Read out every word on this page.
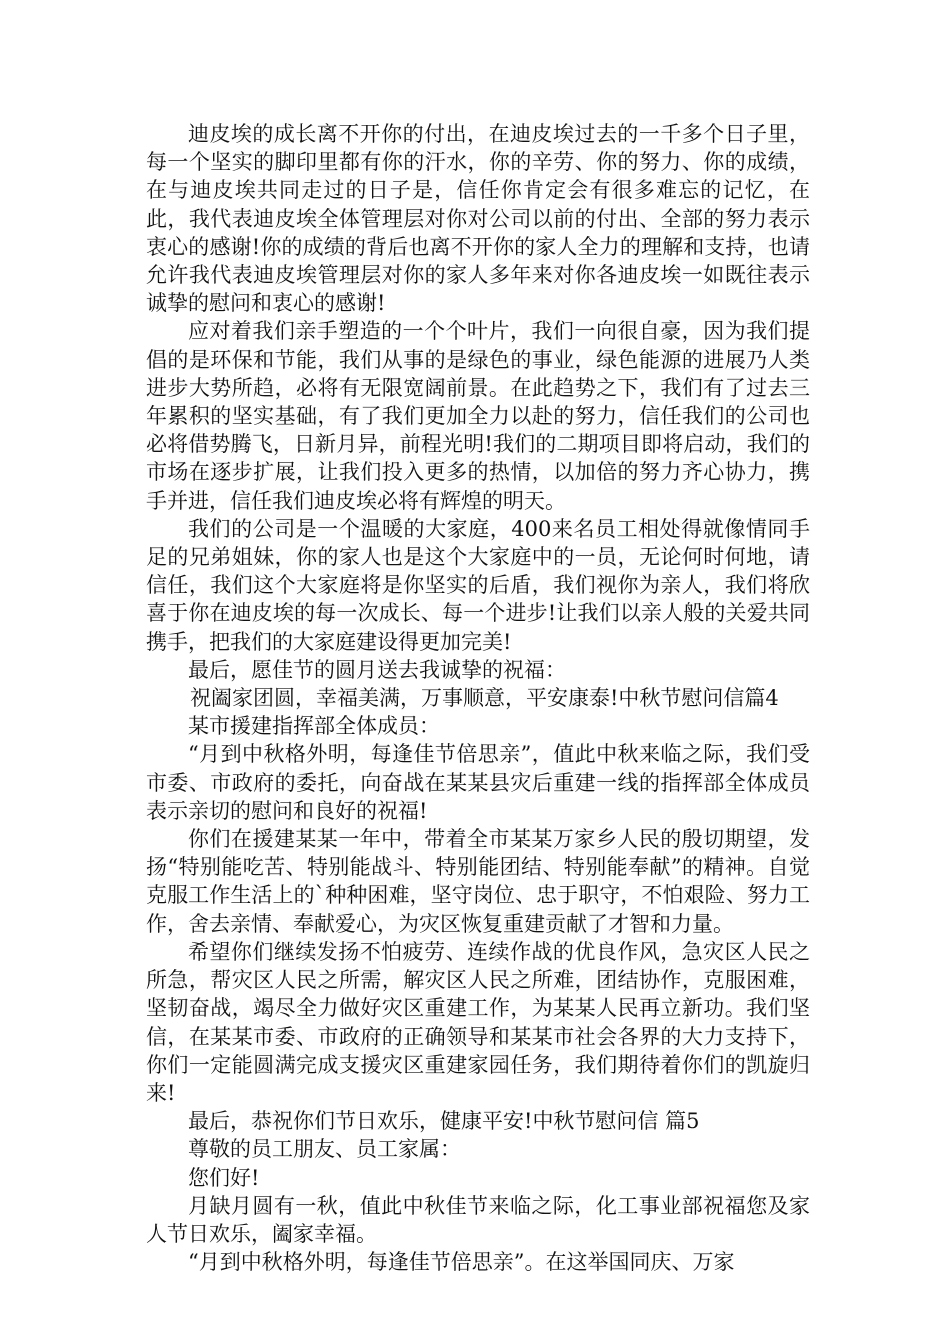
迪皮埃的成长离不开你的付出，在迪皮埃过去的一千多个日子里，每一个坚实的脚印里都有你的汗水，你的辛劳、你的努力、你的成绩，在与迪皮埃共同走过的日子是，信任你肯定会有很多难忘的记忆，在此，我代表迪皮埃全体管理层对你对公司以前的付出、全部的努力表示衷心的感谢!你的成绩的背后也离不开你的家人全力的理解和支持，也请允许我代表迪皮埃管理层对你的家人多年来对你各迪皮埃一如既往表示诚挚的慰问和衷心的感谢!

应对着我们亲手塑造的一个个叶片，我们一向很自豪，因为我们提倡的是环保和节能，我们从事的是绿色的事业，绿色能源的进展乃人类进步大势所趋，必将有无限宽阔前景。在此趋势之下，我们有了过去三年累积的坚实基础，有了我们更加全力以赴的努力，信任我们的公司也必将借势腾飞，日新月异，前程光明!我们的二期项目即将启动，我们的市场在逐步扩展，让我们投入更多的热情，以加倍的努力齐心协力，携手并进，信任我们迪皮埃必将有辉煌的明天。

我们的公司是一个温暖的大家庭，400来名员工相处得就像情同手足的兄弟姐妹，你的家人也是这个大家庭中的一员，无论何时何地，请信任，我们这个大家庭将是你坚实的后盾，我们视你为亲人，我们将欣喜于你在迪皮埃的每一次成长、每一个进步!让我们以亲人般的关爱共同携手，把我们的大家庭建设得更加完美!

最后，愿佳节的圆月送去我诚挚的祝福：

祝阖家团圆，幸福美满，万事顺意，平安康泰!中秋节慰问信篇4

某市援建指挥部全体成员：

“月到中秋格外明，每逢佳节倍思亲”，值此中秋来临之际，我们受市委、市政府的委托，向奋战在某某县灾后重建一线的指挥部全体成员表示亲切的慰问和良好的祝福!

你们在援建某某一年中，带着全市某某万家乡人民的殷切期望，发扬“特别能吃苦、特别能战斗、特别能团结、特别能奉献”的精神。自觉克服工作生活上的`种种困难，坚守岗位、忠于职守，不怕艰险、努力工作，舍去亲情、奉献爱心，为灾区恢复重建贡献了才智和力量。

希望你们继续发扬不怕疲劳、连续作战的优良作风，急灾区人民之所急，帮灾区人民之所需，解灾区人民之所难，团结协作，克服困难，坚韧奋战，竭尽全力做好灾区重建工作，为某某人民再立新功。我们坚信，在某某市委、市政府的正确领导和某某市社会各界的大力支持下，你们一定能圆满完成支援灾区重建家园任务，我们期待着你们的凯旋归来!

最后，恭祝你们节日欢乐，健康平安!中秋节慰问信 篇5

尊敬的员工朋友、员工家属：

您们好!

月缺月圆有一秋，值此中秋佳节来临之际，化工事业部祝福您及家人节日欢乐，阖家幸福。

“月到中秋格外明，每逢佳节倍思亲”。在这举国同庆、万家
